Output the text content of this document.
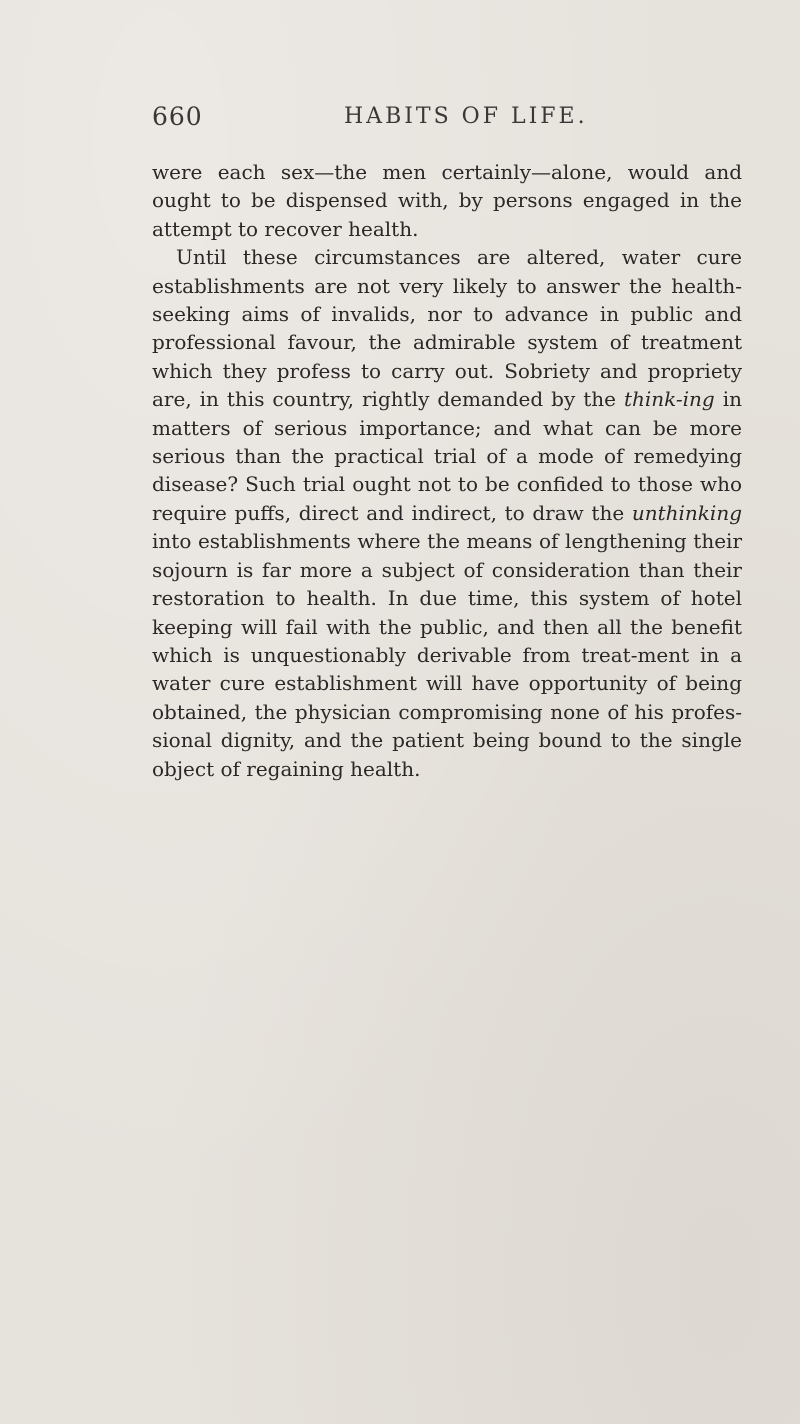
660	HABITS OF LIFE.

were each sex—the men certainly—alone, would and ought to be dispensed with, by persons engaged in the attempt to recover health.

Until these circumstances are altered, water cure establishments are not very likely to answer the health-seeking aims of invalids, nor to advance in public and professional favour, the admirable system of treatment which they profess to carry out. Sobriety and propriety are, in this country, rightly demanded by the think-ing in matters of serious importance; and what can be more serious than the practical trial of a mode of remedying disease? Such trial ought not to be confided to those who require puffs, direct and indirect, to draw the unthinking into establishments where the means of lengthening their sojourn is far more a subject of consideration than their restoration to health. In due time, this system of hotel keeping will fail with the public, and then all the benefit which is unquestionably derivable from treat-ment in a water cure establishment will have opportunity of being obtained, the physician compromising none of his profes-sional dignity, and the patient being bound to the single object of regaining health.
